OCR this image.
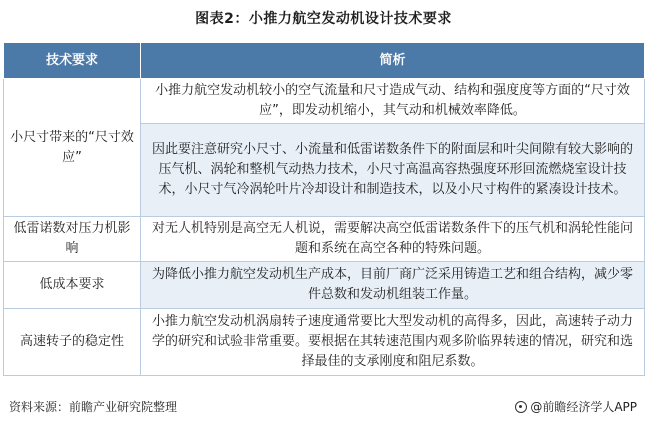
图表2：小推力航空发动机设计技术要求
技术要求	简析
小尺寸带来的“尺寸效应”	小推力航空发动机较小的空气流量和尺寸造成气动、结构和强度度等方面的“尺寸效应”，即发动机缩小，其气动和机械效率降低。
	因此要注意研究小尺寸、小流量和低雷诺数条件下的附面层和叶尖间隙有较大影响的压气机、涡轮和整机气动热力技术，小尺寸高温高容热强度环形回流燃烧室设计技术，小尺寸气冷涡轮叶片冷却设计和制造技术，以及小尺寸构件的紧凑设计技术。
低雷诺数对压力机影响	对无人机特别是高空无人机说，需要解决高空低雷诺数条件下的压气机和涡轮性能问题和系统在高空各种的特殊问题。
低成本要求	为降低小推力航空发动机生产成本，目前厂商广泛采用铸造工艺和组合结构，减少零件总数和发动机组装工作量。
高速转子的稳定性	小推力航空发动机涡扇转子速度通常要比大型发动机的高得多，因此，高速转子动力学的研究和试验非常重要。要根据在其转速范围内观多阶临界转速的情况，研究和选择最佳的支承刚度和阻尼系数。
资料来源：前瞻产业研究院整理	@前瞻经济学人APP
